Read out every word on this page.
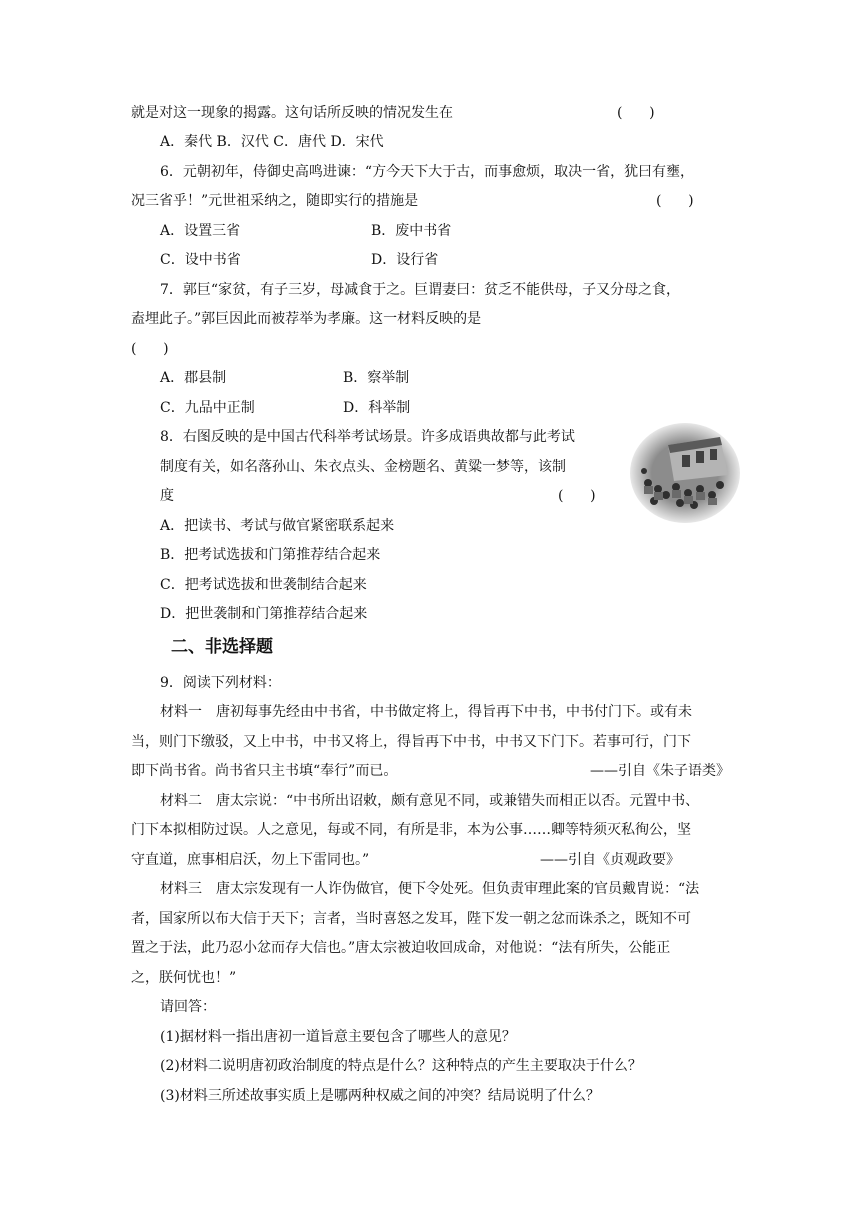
就是对这一现象的揭露。这句话所反映的情况发生在	(      )
A．秦代 B．汉代 C．唐代 D．宋代
6．元朝初年，侍御史高鸣进谏：“方今天下大于古，而事愈烦，取决一省，犹曰有壅，
况三省乎！”元世祖采纳之，随即实行的措施是	(      )
A．设置三省	B．废中书省
C．设中书省	D．设行省
7．郭巨“家贫，有子三岁，母减食于之。巨谓妻曰：贫乏不能供母，子又分母之食，
盍埋此子。”郭巨因此而被荐举为孝廉。这一材料反映的是
(      )
A．郡县制	B．察举制
C．九品中正制	D．科举制
8．右图反映的是中国古代科举考试场景。许多成语典故都与此考试
制度有关，如名落孙山、朱衣点头、金榜题名、黄粱一梦等，该制
度	(      )
A．把读书、考试与做官紧密联系起来
B．把考试选拔和门第推荐结合起来
C．把考试选拔和世袭制结合起来
D．把世袭制和门第推荐结合起来
二、非选择题
9．阅读下列材料：
材料一　唐初每事先经由中书省，中书做定将上，得旨再下中书，中书付门下。或有未
当，则门下缴驳，又上中书，中书又将上，得旨再下中书，中书又下门下。若事可行，门下
即下尚书省。尚书省只主书填“奉行”而已。	——引自《朱子语类》
材料二　唐太宗说：“中书所出诏敕，颇有意见不同，或兼错失而相正以否。元置中书、
门下本拟相防过误。人之意见，每或不同，有所是非，本为公事……卿等特须灭私徇公，坚
守直道，庶事相启沃，勿上下雷同也。”	——引自《贞观政要》
材料三　唐太宗发现有一人诈伪做官，便下令处死。但负责审理此案的官员戴胄说：“法
者，国家所以布大信于天下；言者，当时喜怒之发耳，陛下发一朝之忿而诛杀之，既知不可
置之于法，此乃忍小忿而存大信也。”唐太宗被迫收回成命，对他说：“法有所失，公能正
之，朕何忧也！”
请回答：
(1)据材料一指出唐初一道旨意主要包含了哪些人的意见？
(2)材料二说明唐初政治制度的特点是什么？这种特点的产生主要取决于什么？
(3)材料三所述故事实质上是哪两种权威之间的冲突？结局说明了什么？
